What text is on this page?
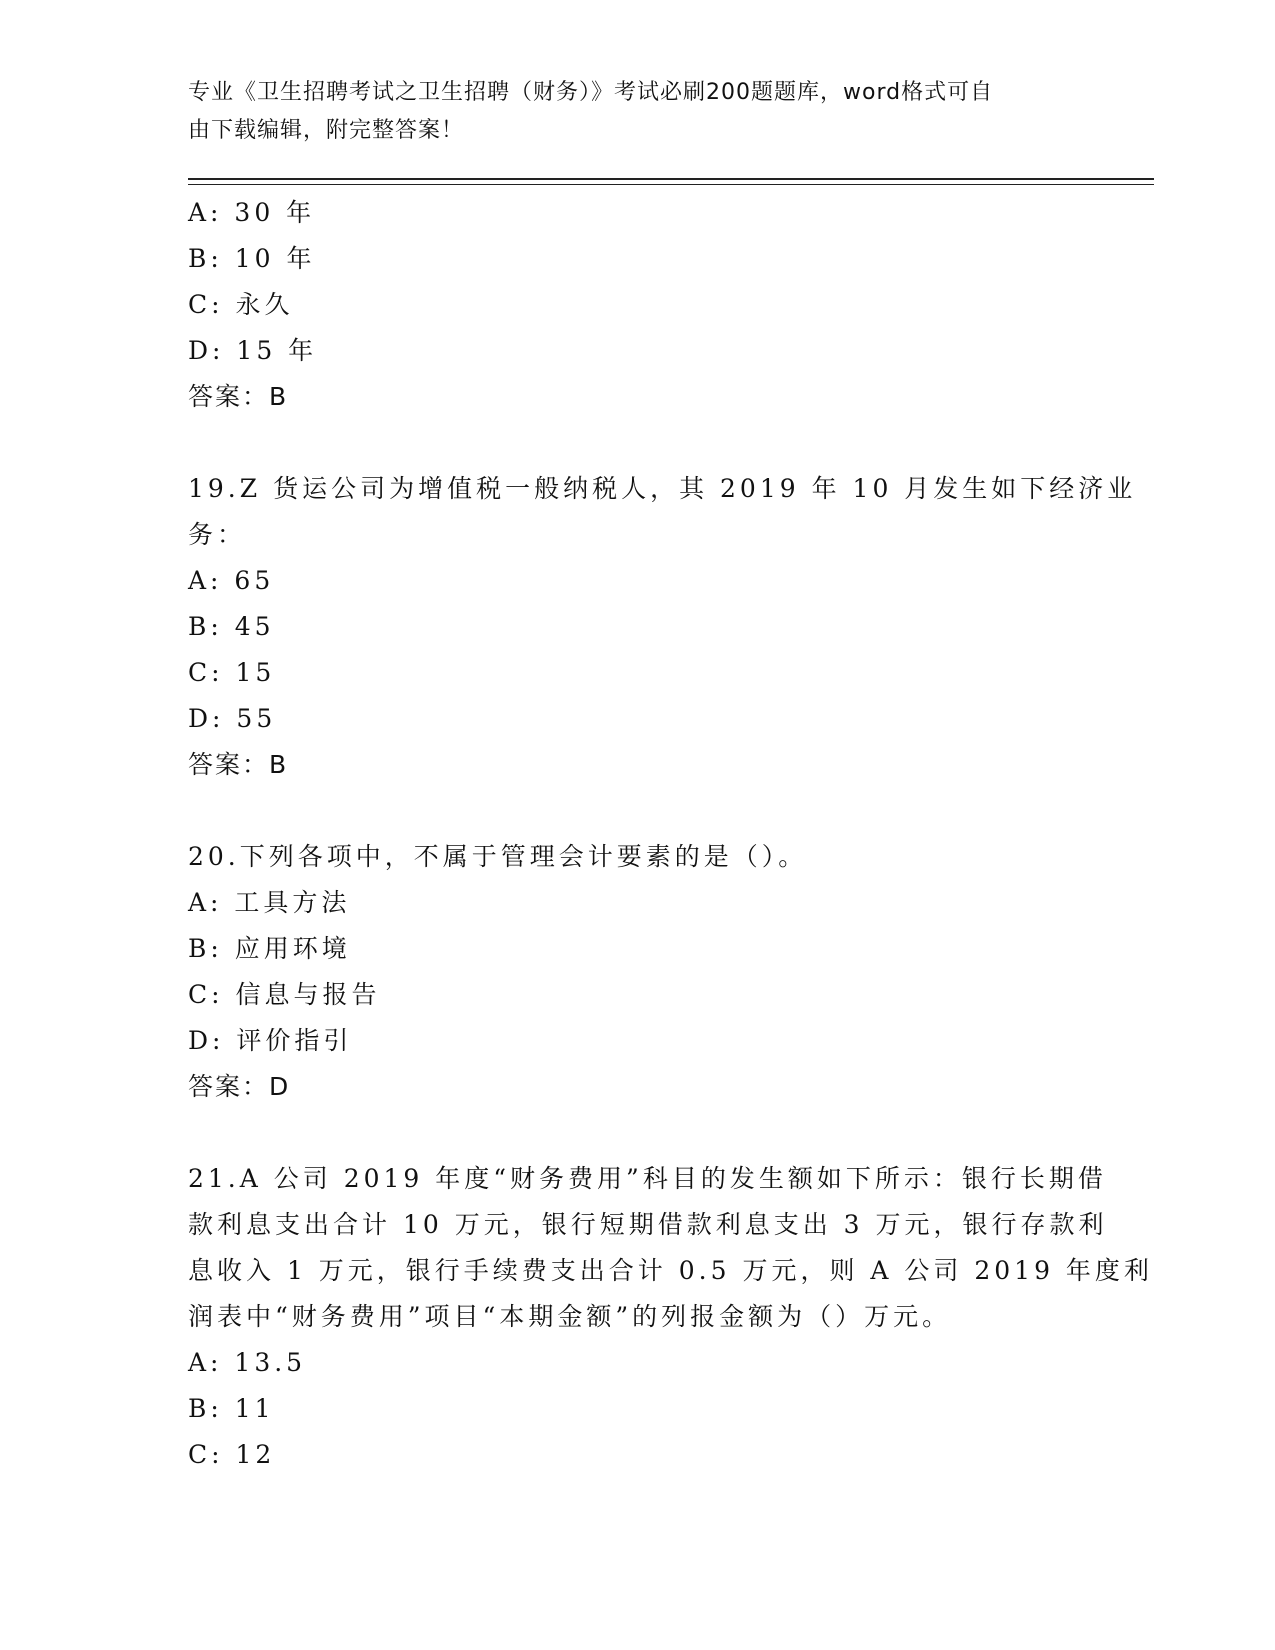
专业《卫生招聘考试之卫生招聘（财务）》考试必刷200题题库，word格式可自
由下载编辑，附完整答案！
A: 30 年
B: 10 年
C: 永久
D: 15 年
答案：B
19.Z 货运公司为增值税一般纳税人，其 2019 年 10 月发生如下经济业
务：
A: 65
B: 45
C: 15
D: 55
答案：B
20.下列各项中，不属于管理会计要素的是（）。
A: 工具方法
B: 应用环境
C: 信息与报告
D: 评价指引
答案：D
21.A 公司 2019 年度“财务费用”科目的发生额如下所示：银行长期借
款利息支出合计 10 万元，银行短期借款利息支出 3 万元，银行存款利
息收入 1 万元，银行手续费支出合计 0.5 万元，则 A 公司 2019 年度利
润表中“财务费用”项目“本期金额”的列报金额为（）万元。
A: 13.5
B: 11
C: 12
